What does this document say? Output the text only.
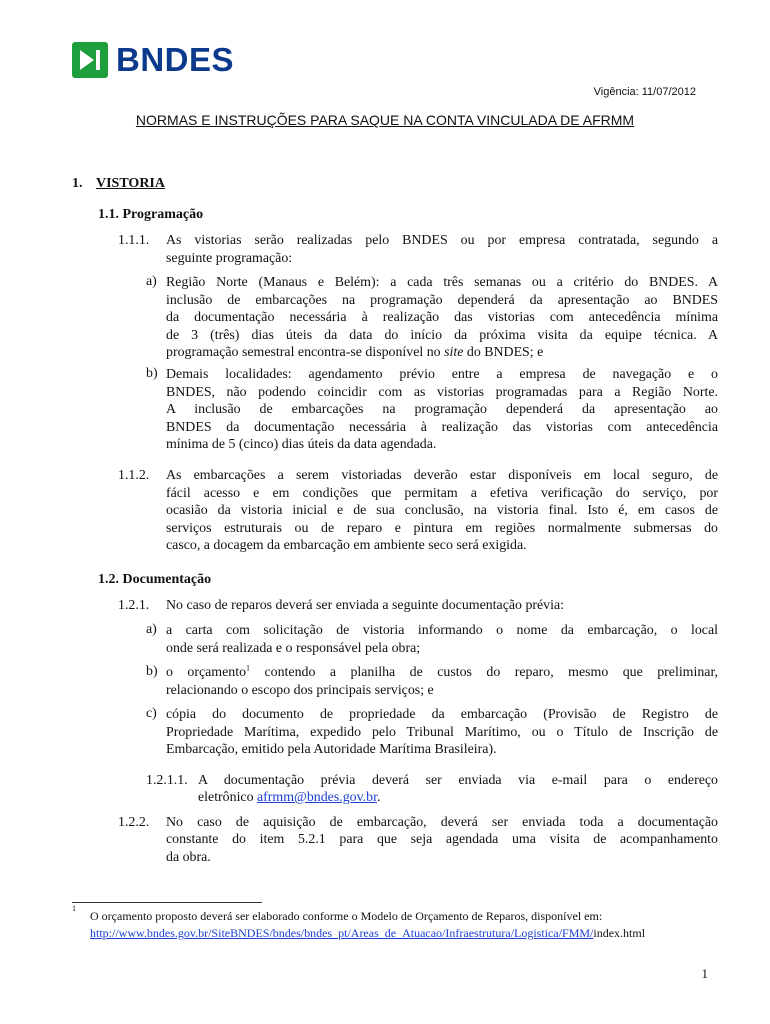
BNDES
Vigência: 11/07/2012
NORMAS E INSTRUÇÕES PARA SAQUE NA CONTA VINCULADA DE AFRMM
1. VISTORIA
1.1. Programação
1.1.1. As vistorias serão realizadas pelo BNDES ou por empresa contratada, segundo a
seguinte programação:
a) Região Norte (Manaus e Belém): a cada três semanas ou a critério do BNDES. A
inclusão de embarcações na programação dependerá da apresentação ao BNDES
da documentação necessária à realização das vistorias com antecedência mínima
de 3 (três) dias úteis da data do início da próxima visita da equipe técnica. A
programação semestral encontra-se disponível no site do BNDES; e
b) Demais localidades: agendamento prévio entre a empresa de navegação e o
BNDES, não podendo coincidir com as vistorias programadas para a Região Norte.
A inclusão de embarcações na programação dependerá da apresentação ao
BNDES da documentação necessária à realização das vistorias com antecedência
mínima de 5 (cinco) dias úteis da data agendada.
1.1.2. As embarcações a serem vistoriadas deverão estar disponíveis em local seguro, de
fácil acesso e em condições que permitam a efetiva verificação do serviço, por
ocasião da vistoria inicial e de sua conclusão, na vistoria final. Isto é, em casos de
serviços estruturais ou de reparo e pintura em regiões normalmente submersas do
casco, a docagem da embarcação em ambiente seco será exigida.
1.2. Documentação
1.2.1. No caso de reparos deverá ser enviada a seguinte documentação prévia:
a) a carta com solicitação de vistoria informando o nome da embarcação, o local
onde será realizada e o responsável pela obra;
b) o orçamento$^1$ contendo a planilha de custos do reparo, mesmo que preliminar,
relacionando o escopo dos principais serviços; e
c) cópia do documento de propriedade da embarcação (Provisão de Registro de
Propriedade Marítima, expedido pelo Tribunal Marítimo, ou o Título de Inscrição de
Embarcação, emitido pela Autoridade Marítima Brasileira).
1.2.1.1. A documentação prévia deverá ser enviada via e-mail para o endereço
eletrônico afrmm@bndes.gov.br.
1.2.2. No caso de aquisição de embarcação, deverá ser enviada toda a documentação
constante do item 5.2.1 para que seja agendada uma visita de acompanhamento
da obra.
1
O orçamento proposto deverá ser elaborado conforme o Modelo de Orçamento de Reparos, disponível em:
http://www.bndes.gov.br/SiteBNDES/bndes/bndes_pt/Areas_de_Atuacao/Infraestrutura/Logistica/FMM/index.html
1
